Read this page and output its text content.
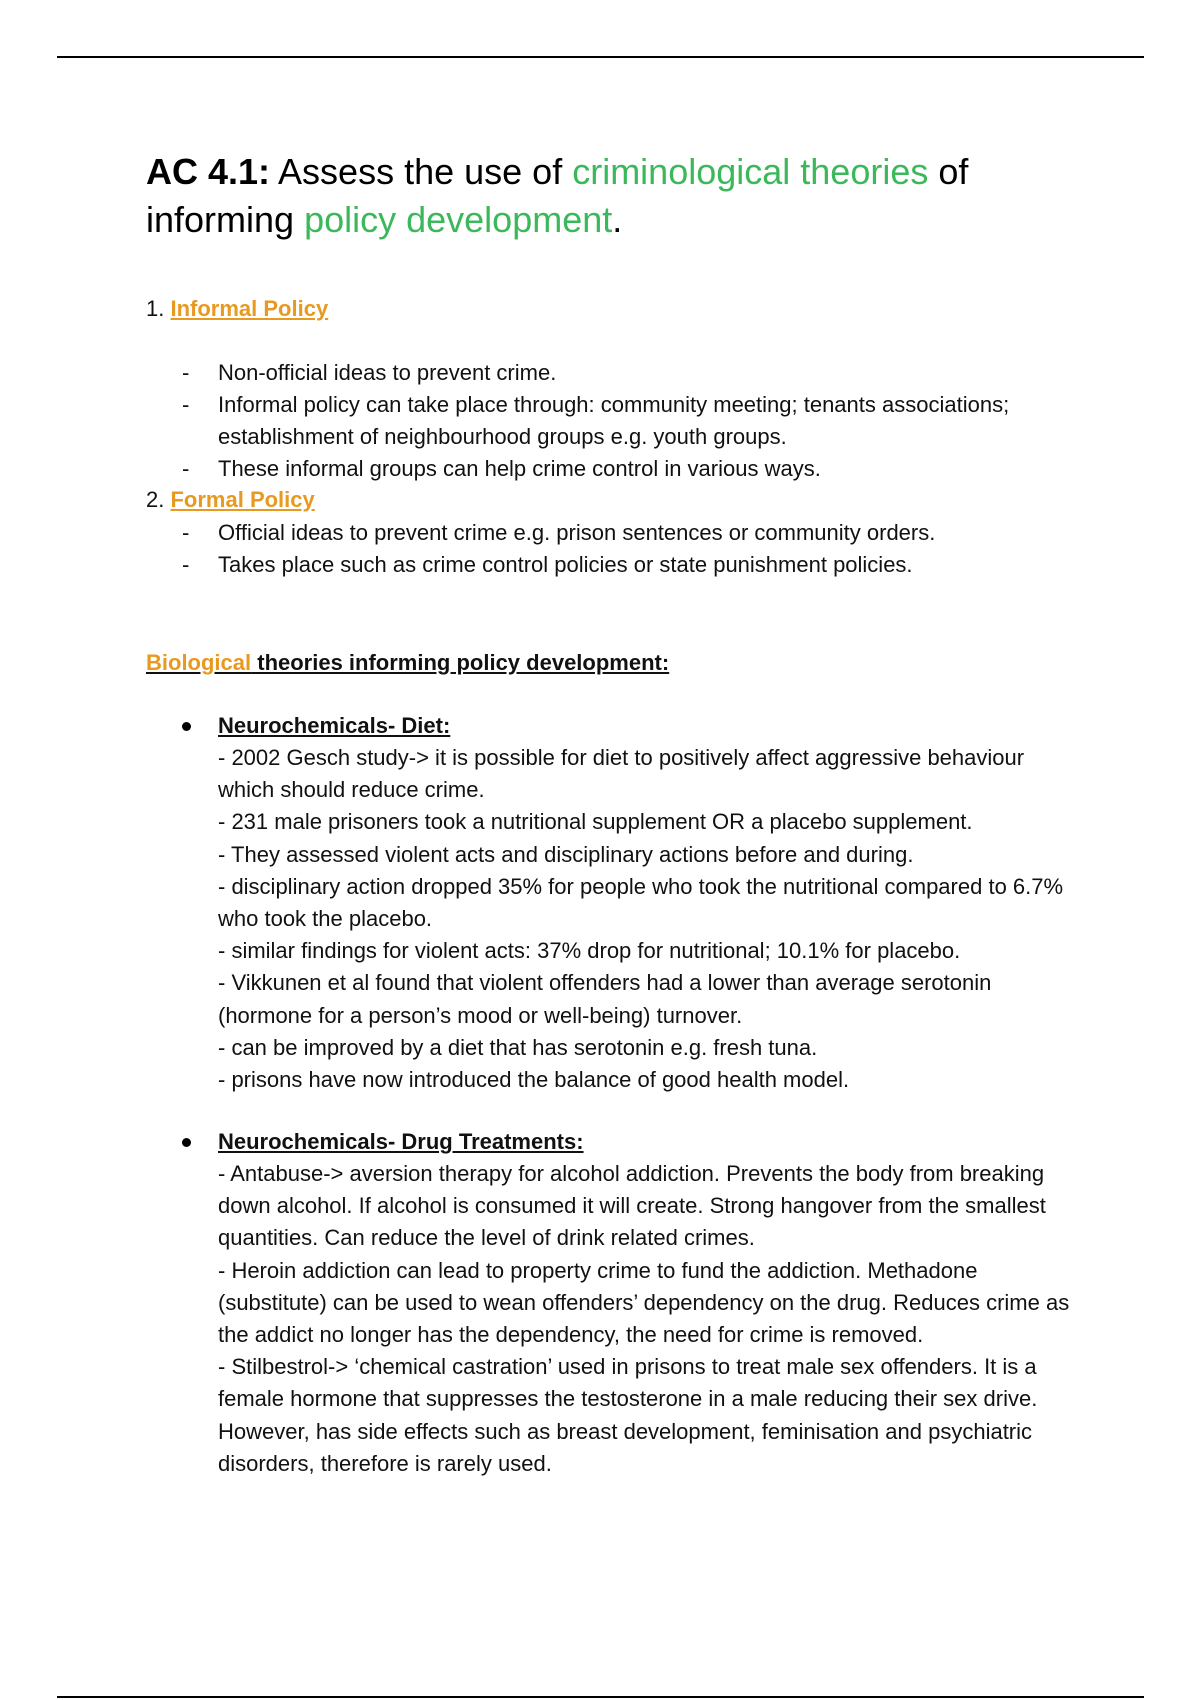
AC 4.1: Assess the use of criminological theories of informing policy development.
1. Informal Policy
- Non-official ideas to prevent crime.
- Informal policy can take place through: community meeting; tenants associations; establishment of neighbourhood groups e.g. youth groups.
- These informal groups can help crime control in various ways.
2. Formal Policy
- Official ideas to prevent crime e.g. prison sentences or community orders.
- Takes place such as crime control policies or state punishment policies.
Biological theories informing policy development:
Neurochemicals- Diet:
- 2002 Gesch study-> it is possible for diet to positively affect aggressive behaviour which should reduce crime.
- 231 male prisoners took a nutritional supplement OR a placebo supplement.
- They assessed violent acts and disciplinary actions before and during.
- disciplinary action dropped 35% for people who took the nutritional compared to 6.7% who took the placebo.
- similar findings for violent acts: 37% drop for nutritional; 10.1% for placebo.
- Vikkunen et al found that violent offenders had a lower than average serotonin (hormone for a person’s mood or well-being) turnover.
- can be improved by a diet that has serotonin e.g. fresh tuna.
- prisons have now introduced the balance of good health model.
Neurochemicals- Drug Treatments:
- Antabuse-> aversion therapy for alcohol addiction. Prevents the body from breaking down alcohol. If alcohol is consumed it will create. Strong hangover from the smallest quantities. Can reduce the level of drink related crimes.
- Heroin addiction can lead to property crime to fund the addiction. Methadone (substitute) can be used to wean offenders’ dependency on the drug. Reduces crime as the addict no longer has the dependency, the need for crime is removed.
- Stilbestrol-> ‘chemical castration’ used in prisons to treat male sex offenders. It is a female hormone that suppresses the testosterone in a male reducing their sex drive. However, has side effects such as breast development, feminisation and psychiatric disorders, therefore is rarely used.
